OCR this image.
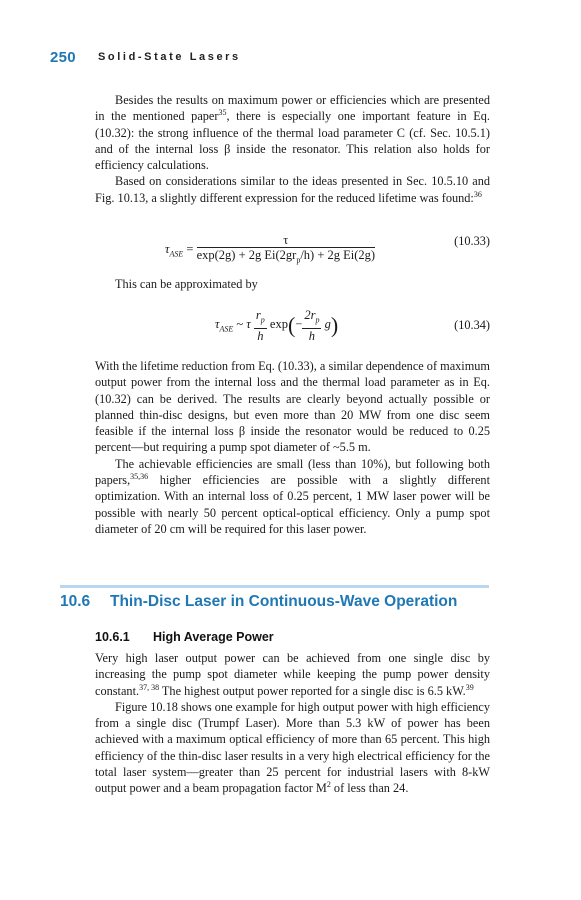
250 Solid-State Lasers

Besides the results on maximum power or efficiencies which are presented in the mentioned paper$^{35}$, there is especially one important feature in Eq. (10.32): the strong influence of the thermal load parameter C (cf. Sec. 10.5.1) and of the internal loss β inside the resonator. This relation also holds for efficiency calculations.

Based on considerations similar to the ideas presented in Sec. 10.5.10 and Fig. 10.13, a slightly different expression for the reduced lifetime was found:$^{36}$

$\tau_{ASE} = \frac{\tau}{\exp(2g) + 2g Ei(2gr_p/h) + 2g Ei(2g)}$	(10.33)

This can be approximated by

$\tau_{ASE}$ ~ τ $\frac{r_p}{h} \exp(- \frac{2r_p}{h} g)$	(10.34)

With the lifetime reduction from Eq. (10.33), a similar dependence of maximum output power from the internal loss and the thermal load parameter as in Eq. (10.32) can be derived. The results are clearly beyond actually possible or planned thin-disc designs, but even more than 20 MW from one disc seem feasible if the internal loss β inside the resonator would be reduced to 0.25 percent—but requiring a pump spot diameter of ~5.5 m.

The achievable efficiencies are small (less than 10%), but following both papers,$^{35,36}$ higher efficiencies are possible with a slightly different optimization. With an internal loss of 0.25 percent, 1 MW laser power will be possible with nearly 50 percent optical-optical efficiency. Only a pump spot diameter of 20 cm will be required for this laser power.

10.6 Thin-Disc Laser in Continuous-Wave Operation
10.6.1 High Average Power

Very high laser output power can be achieved from one single disc by increasing the pump spot diameter while keeping the pump power density constant.$^{37, 38}$ The highest output power reported for a single disc is 6.5 kW.$^{39}$

Figure 10.18 shows one example for high output power with high efficiency from a single disc (Trumpf Laser). More than 5.3 kW of power has been achieved with a maximum optical efficiency of more than 65 percent. This high efficiency of the thin-disc laser results in a very high electrical efficiency for the total laser system—greater than 25 percent for industrial lasers with 8-kW output power and a beam propagation factor $M^2$ of less than 24.
